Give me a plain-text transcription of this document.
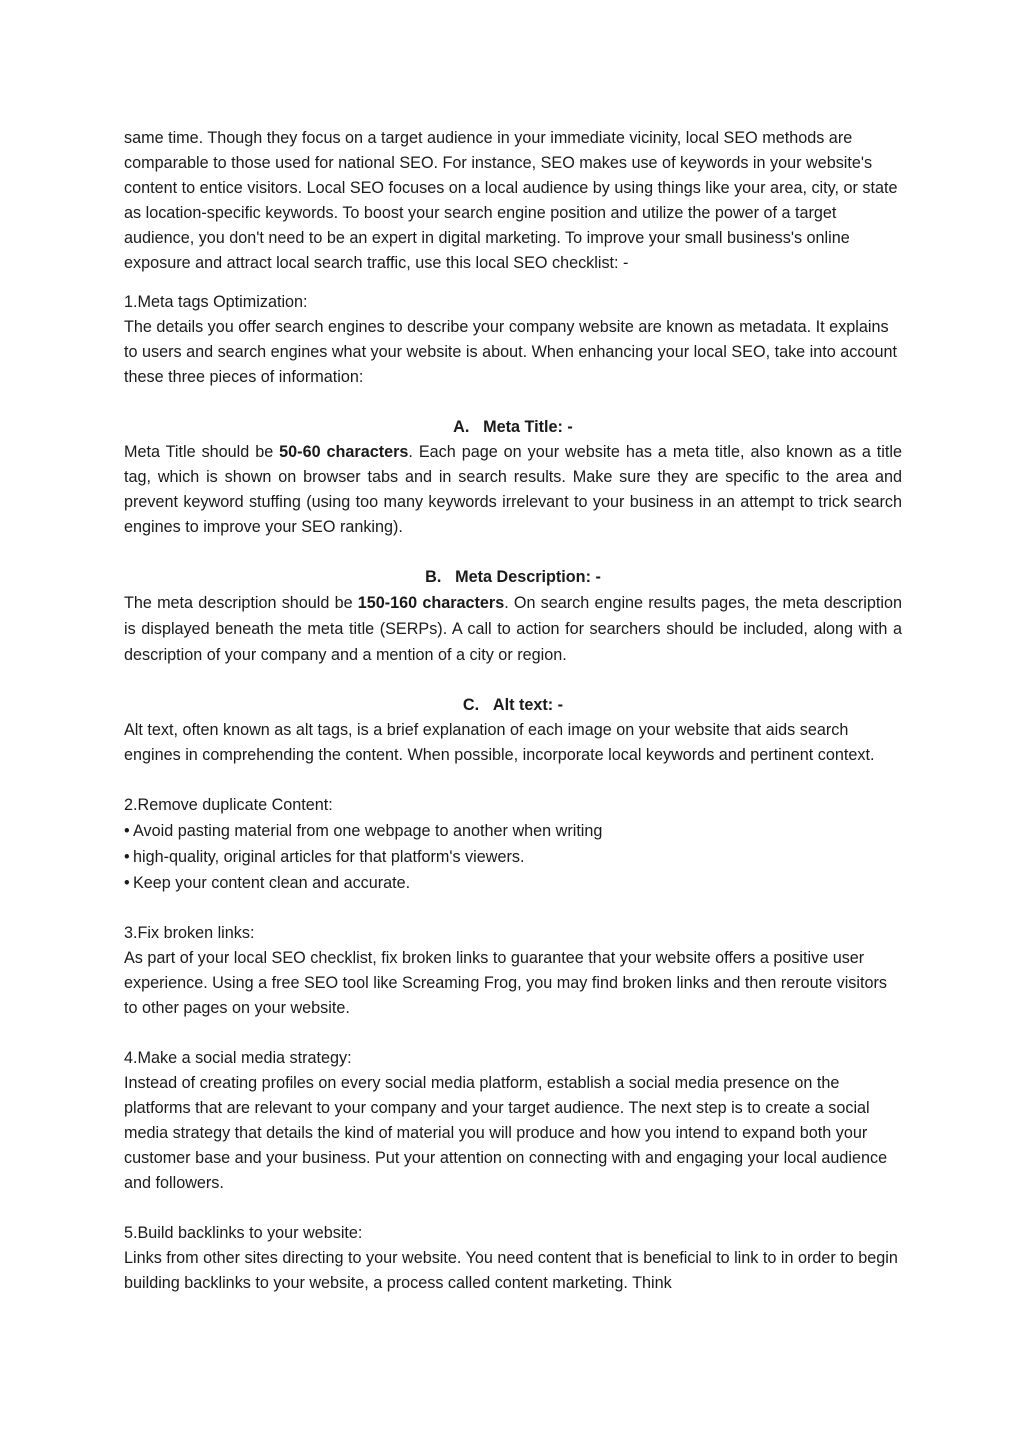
same time. Though they focus on a target audience in your immediate vicinity, local SEO methods are comparable to those used for national SEO. For instance, SEO makes use of keywords in your website's content to entice visitors. Local SEO focuses on a local audience by using things like your area, city, or state as location-specific keywords. To boost your search engine position and utilize the power of a target audience, you don't need to be an expert in digital marketing. To improve your small business's online exposure and attract local search traffic, use this local SEO checklist: -

1.Meta tags Optimization:

The details you offer search engines to describe your company website are known as metadata. It explains to users and search engines what your website is about. When enhancing your local SEO, take into account these three pieces of information:

A. Meta Title: -

Meta Title should be 50-60 characters. Each page on your website has a meta title, also known as a title tag, which is shown on browser tabs and in search results. Make sure they are specific to the area and prevent keyword stuffing (using too many keywords irrelevant to your business in an attempt to trick search engines to improve your SEO ranking).

B. Meta Description: -

The meta description should be 150-160 characters. On search engine results pages, the meta description is displayed beneath the meta title (SERPs). A call to action for searchers should be included, along with a description of your company and a mention of a city or region.

C. Alt text: -

Alt text, often known as alt tags, is a brief explanation of each image on your website that aids search engines in comprehending the content. When possible, incorporate local keywords and pertinent context.

2.Remove duplicate Content:

• Avoid pasting material from one webpage to another when writing

• high-quality, original articles for that platform's viewers.

• Keep your content clean and accurate.

3.Fix broken links:

As part of your local SEO checklist, fix broken links to guarantee that your website offers a positive user experience. Using a free SEO tool like Screaming Frog, you may find broken links and then reroute visitors to other pages on your website.

4.Make a social media strategy:

Instead of creating profiles on every social media platform, establish a social media presence on the platforms that are relevant to your company and your target audience. The next step is to create a social media strategy that details the kind of material you will produce and how you intend to expand both your customer base and your business. Put your attention on connecting with and engaging your local audience and followers.

5.Build backlinks to your website:

Links from other sites directing to your website. You need content that is beneficial to link to in order to begin building backlinks to your website, a process called content marketing. Think
